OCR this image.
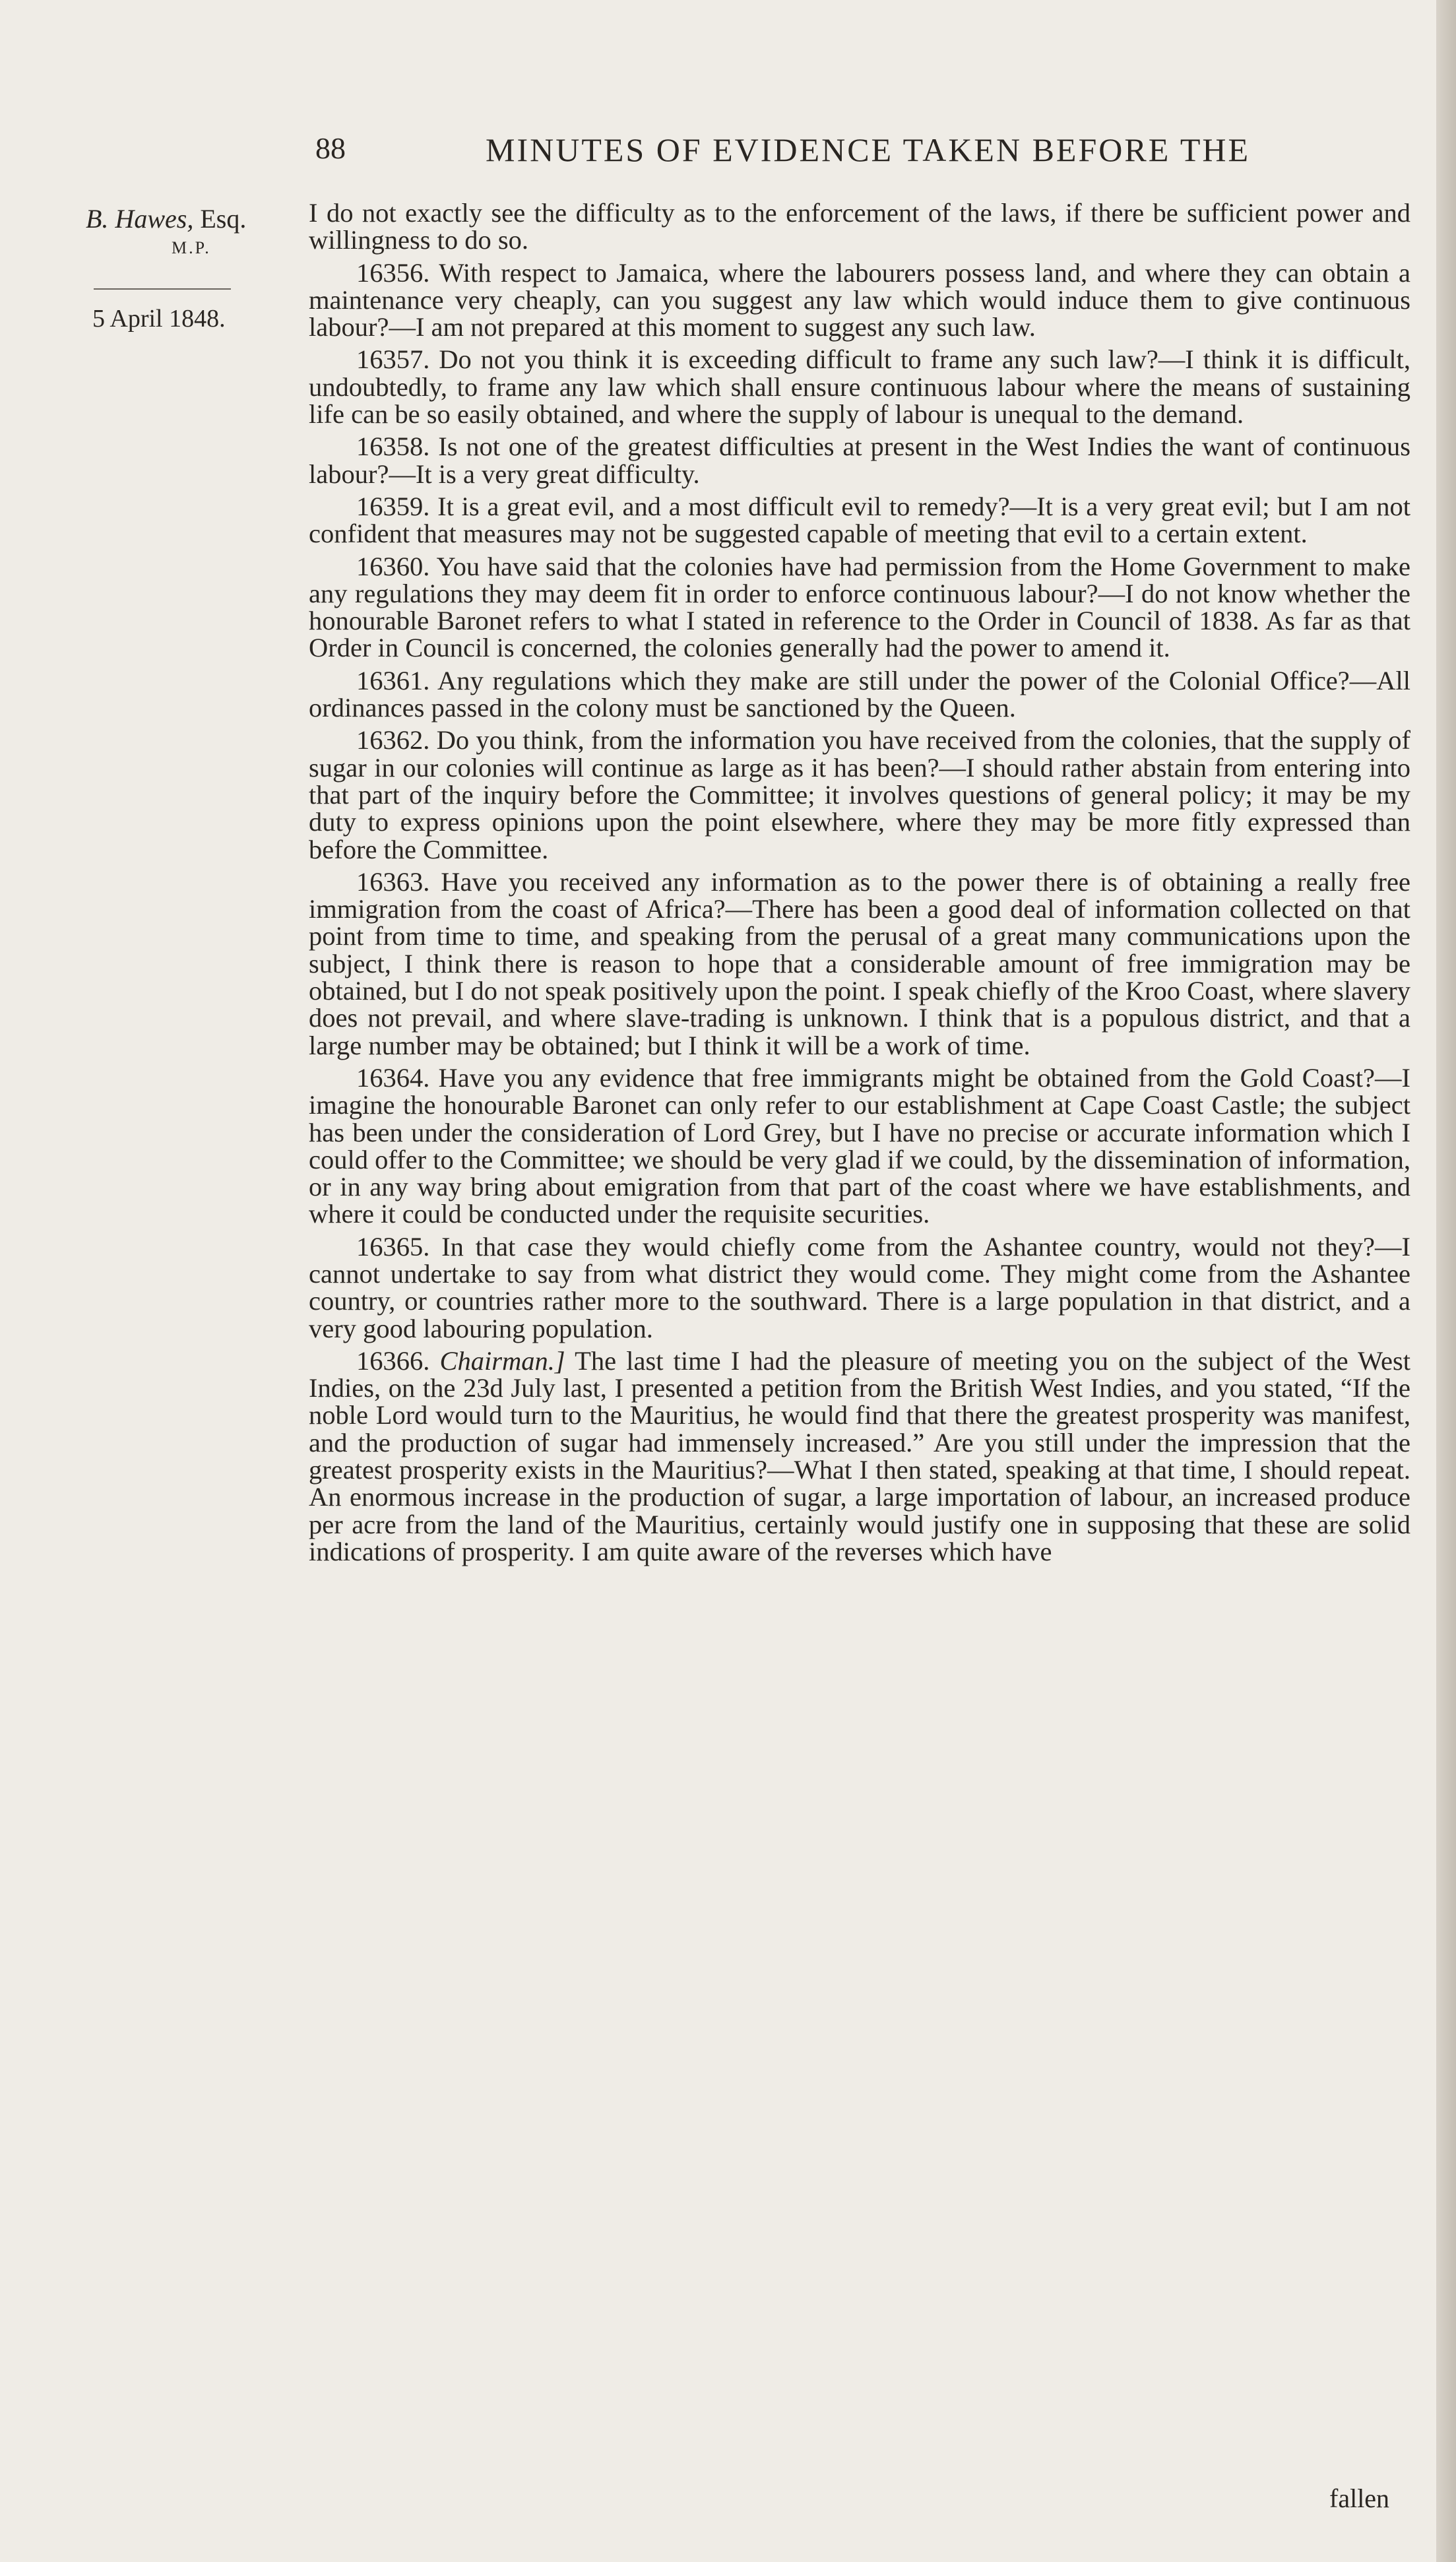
88	MINUTES OF EVIDENCE TAKEN BEFORE THE
B. Hawes, Esq.
M.P.
5 April 1848.

I do not exactly see the difficulty as to the enforcement of the laws, if there be sufficient power and willingness to do so.

16356. With respect to Jamaica, where the labourers possess land, and where they can obtain a maintenance very cheaply, can you suggest any law which would induce them to give continuous labour?—I am not prepared at this moment to suggest any such law.

16357. Do not you think it is exceeding difficult to frame any such law?—I think it is difficult, undoubtedly, to frame any law which shall ensure continuous labour where the means of sustaining life can be so easily obtained, and where the supply of labour is unequal to the demand.

16358. Is not one of the greatest difficulties at present in the West Indies the want of continuous labour?—It is a very great difficulty.

16359. It is a great evil, and a most difficult evil to remedy?—It is a very great evil; but I am not confident that measures may not be suggested capable of meeting that evil to a certain extent.

16360. You have said that the colonies have had permission from the Home Government to make any regulations they may deem fit in order to enforce continuous labour?—I do not know whether the honourable Baronet refers to what I stated in reference to the Order in Council of 1838. As far as that Order in Council is concerned, the colonies generally had the power to amend it.

16361. Any regulations which they make are still under the power of the Colonial Office?—All ordinances passed in the colony must be sanctioned by the Queen.

16362. Do you think, from the information you have received from the colonies, that the supply of sugar in our colonies will continue as large as it has been?—I should rather abstain from entering into that part of the inquiry before the Committee; it involves questions of general policy; it may be my duty to express opinions upon the point elsewhere, where they may be more fitly expressed than before the Committee.

16363. Have you received any information as to the power there is of obtaining a really free immigration from the coast of Africa?—There has been a good deal of information collected on that point from time to time, and speaking from the perusal of a great many communications upon the subject, I think there is reason to hope that a considerable amount of free immigration may be obtained, but I do not speak positively upon the point. I speak chiefly of the Kroo Coast, where slavery does not prevail, and where slave-trading is unknown. I think that is a populous district, and that a large number may be obtained; but I think it will be a work of time.

16364. Have you any evidence that free immigrants might be obtained from the Gold Coast?—I imagine the honourable Baronet can only refer to our establishment at Cape Coast Castle; the subject has been under the consideration of Lord Grey, but I have no precise or accurate information which I could offer to the Committee; we should be very glad if we could, by the dissemination of information, or in any way bring about emigration from that part of the coast where we have establishments, and where it could be conducted under the requisite securities.

16365. In that case they would chiefly come from the Ashantee country, would not they?—I cannot undertake to say from what district they would come. They might come from the Ashantee country, or countries rather more to the southward. There is a large population in that district, and a very good labouring population.

16366. Chairman.] The last time I had the pleasure of meeting you on the subject of the West Indies, on the 23d July last, I presented a petition from the British West Indies, and you stated, “If the noble Lord would turn to the Mauritius, he would find that there the greatest prosperity was manifest, and the production of sugar had immensely increased.” Are you still under the impression that the greatest prosperity exists in the Mauritius?—What I then stated, speaking at that time, I should repeat. An enormous increase in the production of sugar, a large importation of labour, an increased produce per acre from the land of the Mauritius, certainly would justify one in supposing that these are solid indications of prosperity. I am quite aware of the reverses which have

fallen
